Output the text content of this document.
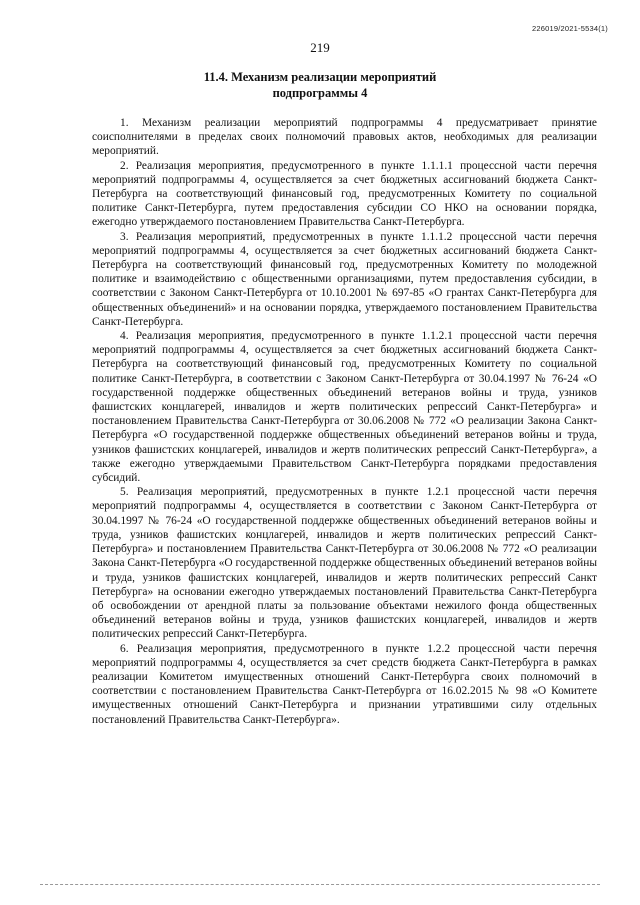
226019/2021-5534(1)
219
11.4. Механизм реализации мероприятий
подпрограммы 4

1. Механизм реализации мероприятий подпрограммы 4 предусматривает принятие соисполнителями в пределах своих полномочий правовых актов, необходимых для реализации мероприятий.

2. Реализация мероприятия, предусмотренного в пункте 1.1.1.1 процессной части перечня мероприятий подпрограммы 4, осуществляется за счет бюджетных ассигнований бюджета Санкт-Петербурга на соответствующий финансовый год, предусмотренных Комитету по социальной политике Санкт-Петербурга, путем предоставления субсидии СО НКО на основании порядка, ежегодно утверждаемого постановлением Правительства Санкт-Петербурга.

3. Реализация мероприятий, предусмотренных в пункте 1.1.1.2 процессной части перечня мероприятий подпрограммы 4, осуществляется за счет бюджетных ассигнований бюджета Санкт-Петербурга на соответствующий финансовый год, предусмотренных Комитету по молодежной политике и взаимодействию с общественными организациями, путем предоставления субсидии, в соответствии с Законом Санкт-Петербурга от 10.10.2001 № 697-85 «О грантах Санкт-Петербурга для общественных объединений» и на основании порядка, утверждаемого постановлением Правительства Санкт-Петербурга.

4. Реализация мероприятия, предусмотренного в пункте 1.1.2.1 процессной части перечня мероприятий подпрограммы 4, осуществляется за счет бюджетных ассигнований бюджета Санкт-Петербурга на соответствующий финансовый год, предусмотренных Комитету по социальной политике Санкт-Петербурга, в соответствии с Законом Санкт-Петербурга от 30.04.1997 № 76-24 «О государственной поддержке общественных объединений ветеранов войны и труда, узников фашистских концлагерей, инвалидов и жертв политических репрессий Санкт-Петербурга» и постановлением Правительства Санкт-Петербурга от 30.06.2008 № 772 «О реализации Закона Санкт-Петербурга «О государственной поддержке общественных объединений ветеранов войны и труда, узников фашистских концлагерей, инвалидов и жертв политических репрессий Санкт-Петербурга», а также ежегодно утверждаемыми Правительством Санкт-Петербурга порядками предоставления субсидий.

5. Реализация мероприятий, предусмотренных в пункте 1.2.1 процессной части перечня мероприятий подпрограммы 4, осуществляется в соответствии с Законом Санкт-Петербурга от 30.04.1997 № 76-24 «О государственной поддержке общественных объединений ветеранов войны и труда, узников фашистских концлагерей, инвалидов и жертв политических репрессий Санкт-Петербурга» и постановлением Правительства Санкт-Петербурга от 30.06.2008 № 772 «О реализации Закона Санкт-Петербурга «О государственной поддержке общественных объединений ветеранов войны и труда, узников фашистских концлагерей, инвалидов и жертв политических репрессий Санкт Петербурга» на основании ежегодно утверждаемых постановлений Правительства Санкт-Петербурга об освобождении от арендной платы за пользование объектами нежилого фонда общественных объединений ветеранов войны и труда, узников фашистских концлагерей, инвалидов и жертв политических репрессий Санкт-Петербурга.

6. Реализация мероприятия, предусмотренного в пункте 1.2.2 процессной части перечня мероприятий подпрограммы 4, осуществляется за счет средств бюджета Санкт-Петербурга в рамках реализации Комитетом имущественных отношений Санкт-Петербурга своих полномочий в соответствии с постановлением Правительства Санкт-Петербурга от 16.02.2015 № 98 «О Комитете имущественных отношений Санкт-Петербурга и признании утратившими силу отдельных постановлений Правительства Санкт-Петербурга».
